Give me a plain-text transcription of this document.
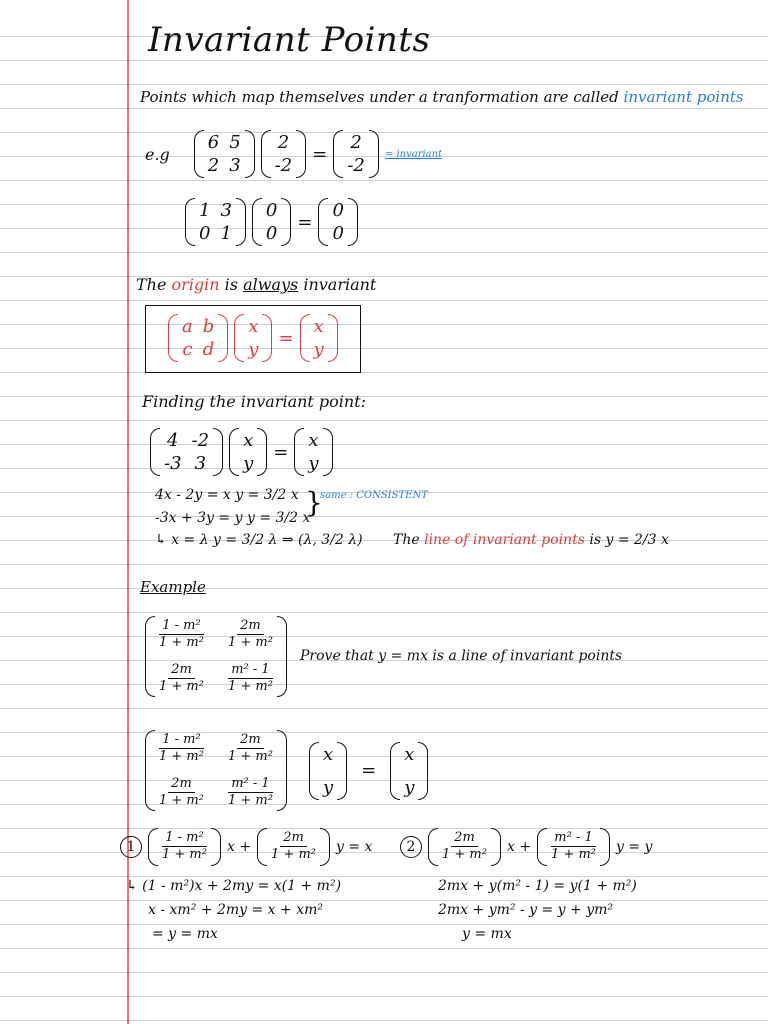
Invariant Points
Points which map themselves under a tranformation are called invariant points
e.g
6 5
2 3
2
-2
=
2
-2
= invariant
1 3
0 1
0
0
=
0
0
The origin is always invariant
a b
c d
x
y
=
x
y
Finding the invariant point:
4 -2
-3 3
x
y
=
x
y
4x - 2y = x y = 3/2 x
-3x + 3y = y y = 3/2 x
}
same : CONSISTENT
↳ x = λ y = 3/2 λ ⇒ (λ, 3/2 λ) The line of invariant points is y = 2/3 x
Example
$\frac{\text{1 - m²}}{\text{1 + m²}} \frac{2m}{\text{1 + m²}}$
$\frac{2m}{\text{1 + m²}} \frac{\text{m² - 1}}{\text{1 + m²}}$
Prove that y = mx is a line of invariant points
$\frac{\text{1 - m²}}{\text{1 + m²}} \frac{2m}{\text{1 + m²}}$
$\frac{2m}{\text{1 + m²}} \frac{\text{m² - 1}}{\text{1 + m²}}$
x
y
=
x
y
1	$\frac{\text{1 - m²}}{\text{1 + m²}}$ $x + \frac{2m}{\text{1 + m²}}$ y = x	2	$\frac{2m}{\text{1 + m²}}$ $x + \frac{\text{m² - 1}}{\text{1 + m²}}$ y = y
↳ (1 - m²)x + 2my = x(1 + m²)
x - xm² + 2my = x + xm²
= y = mx
2mx + y(m² - 1) = y(1 + m²)
2mx + ym² - y = y + ym²
y = mx
